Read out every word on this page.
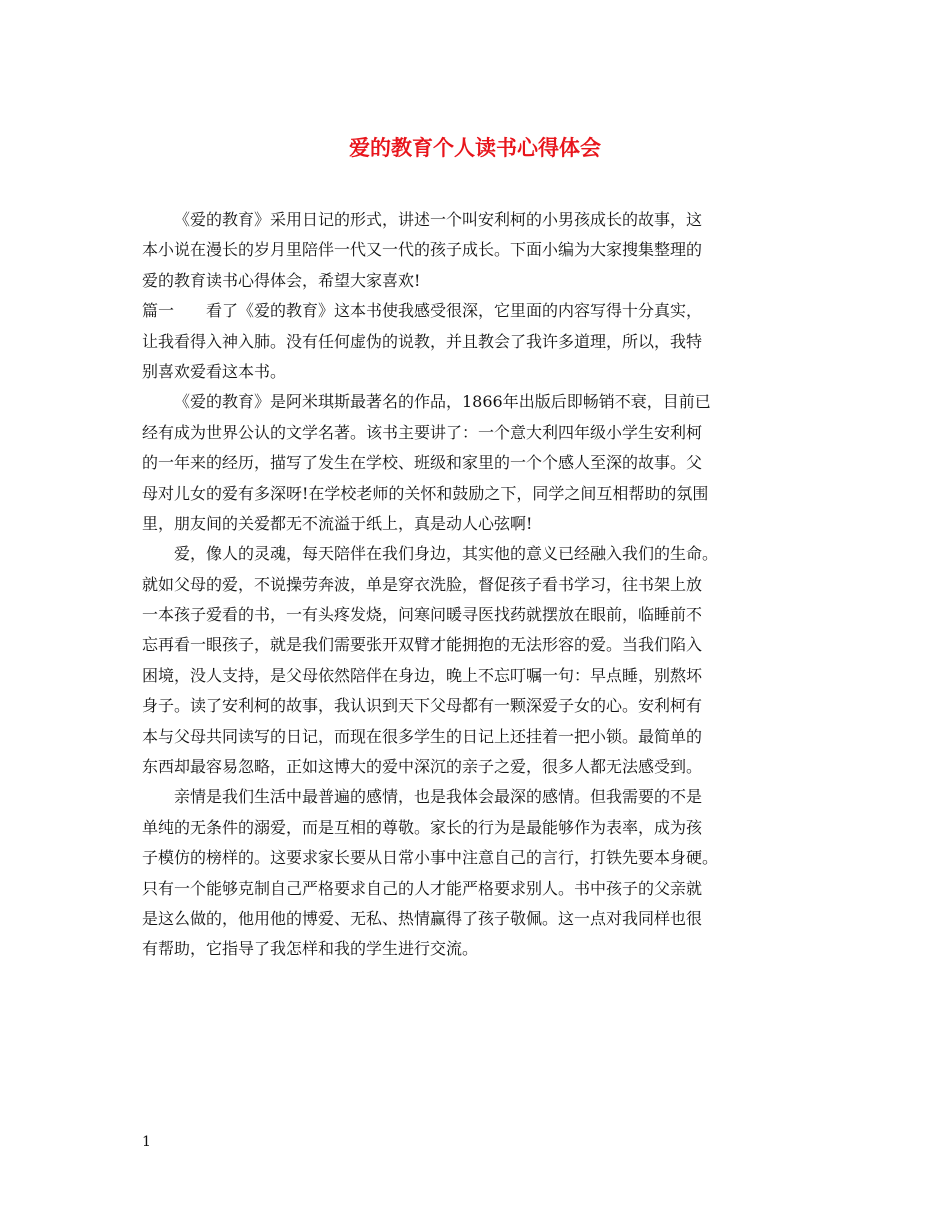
爱的教育个人读书心得体会
《爱的教育》采用日记的形式，讲述一个叫安利柯的小男孩成长的故事，这
本小说在漫长的岁月里陪伴一代又一代的孩子成长。下面小编为大家搜集整理的
爱的教育读书心得体会，希望大家喜欢!
篇一 看了《爱的教育》这本书使我感受很深，它里面的内容写得十分真实，
让我看得入神入肺。没有任何虚伪的说教，并且教会了我许多道理，所以，我特
别喜欢爱看这本书。
《爱的教育》是阿米琪斯最著名的作品，1866年出版后即畅销不衰，目前已
经有成为世界公认的文学名著。该书主要讲了：一个意大利四年级小学生安利柯
的一年来的经历，描写了发生在学校、班级和家里的一个个感人至深的故事。父
母对儿女的爱有多深呀!在学校老师的关怀和鼓励之下，同学之间互相帮助的氛围
里，朋友间的关爱都无不流溢于纸上，真是动人心弦啊!
爱，像人的灵魂，每天陪伴在我们身边，其实他的意义已经融入我们的生命。
就如父母的爱，不说操劳奔波，单是穿衣洗脸，督促孩子看书学习，往书架上放
一本孩子爱看的书，一有头疼发烧，问寒问暖寻医找药就摆放在眼前，临睡前不
忘再看一眼孩子，就是我们需要张开双臂才能拥抱的无法形容的爱。当我们陷入
困境，没人支持，是父母依然陪伴在身边，晚上不忘叮嘱一句：早点睡，别熬坏
身子。读了安利柯的故事，我认识到天下父母都有一颗深爱子女的心。安利柯有
本与父母共同读写的日记，而现在很多学生的日记上还挂着一把小锁。最简单的
东西却最容易忽略，正如这博大的爱中深沉的亲子之爱，很多人都无法感受到。
亲情是我们生活中最普遍的感情，也是我体会最深的感情。但我需要的不是
单纯的无条件的溺爱，而是互相的尊敬。家长的行为是最能够作为表率，成为孩
子模仿的榜样的。这要求家长要从日常小事中注意自己的言行，打铁先要本身硬。
只有一个能够克制自己严格要求自己的人才能严格要求别人。书中孩子的父亲就
是这么做的，他用他的博爱、无私、热情赢得了孩子敬佩。这一点对我同样也很
有帮助，它指导了我怎样和我的学生进行交流。
1
